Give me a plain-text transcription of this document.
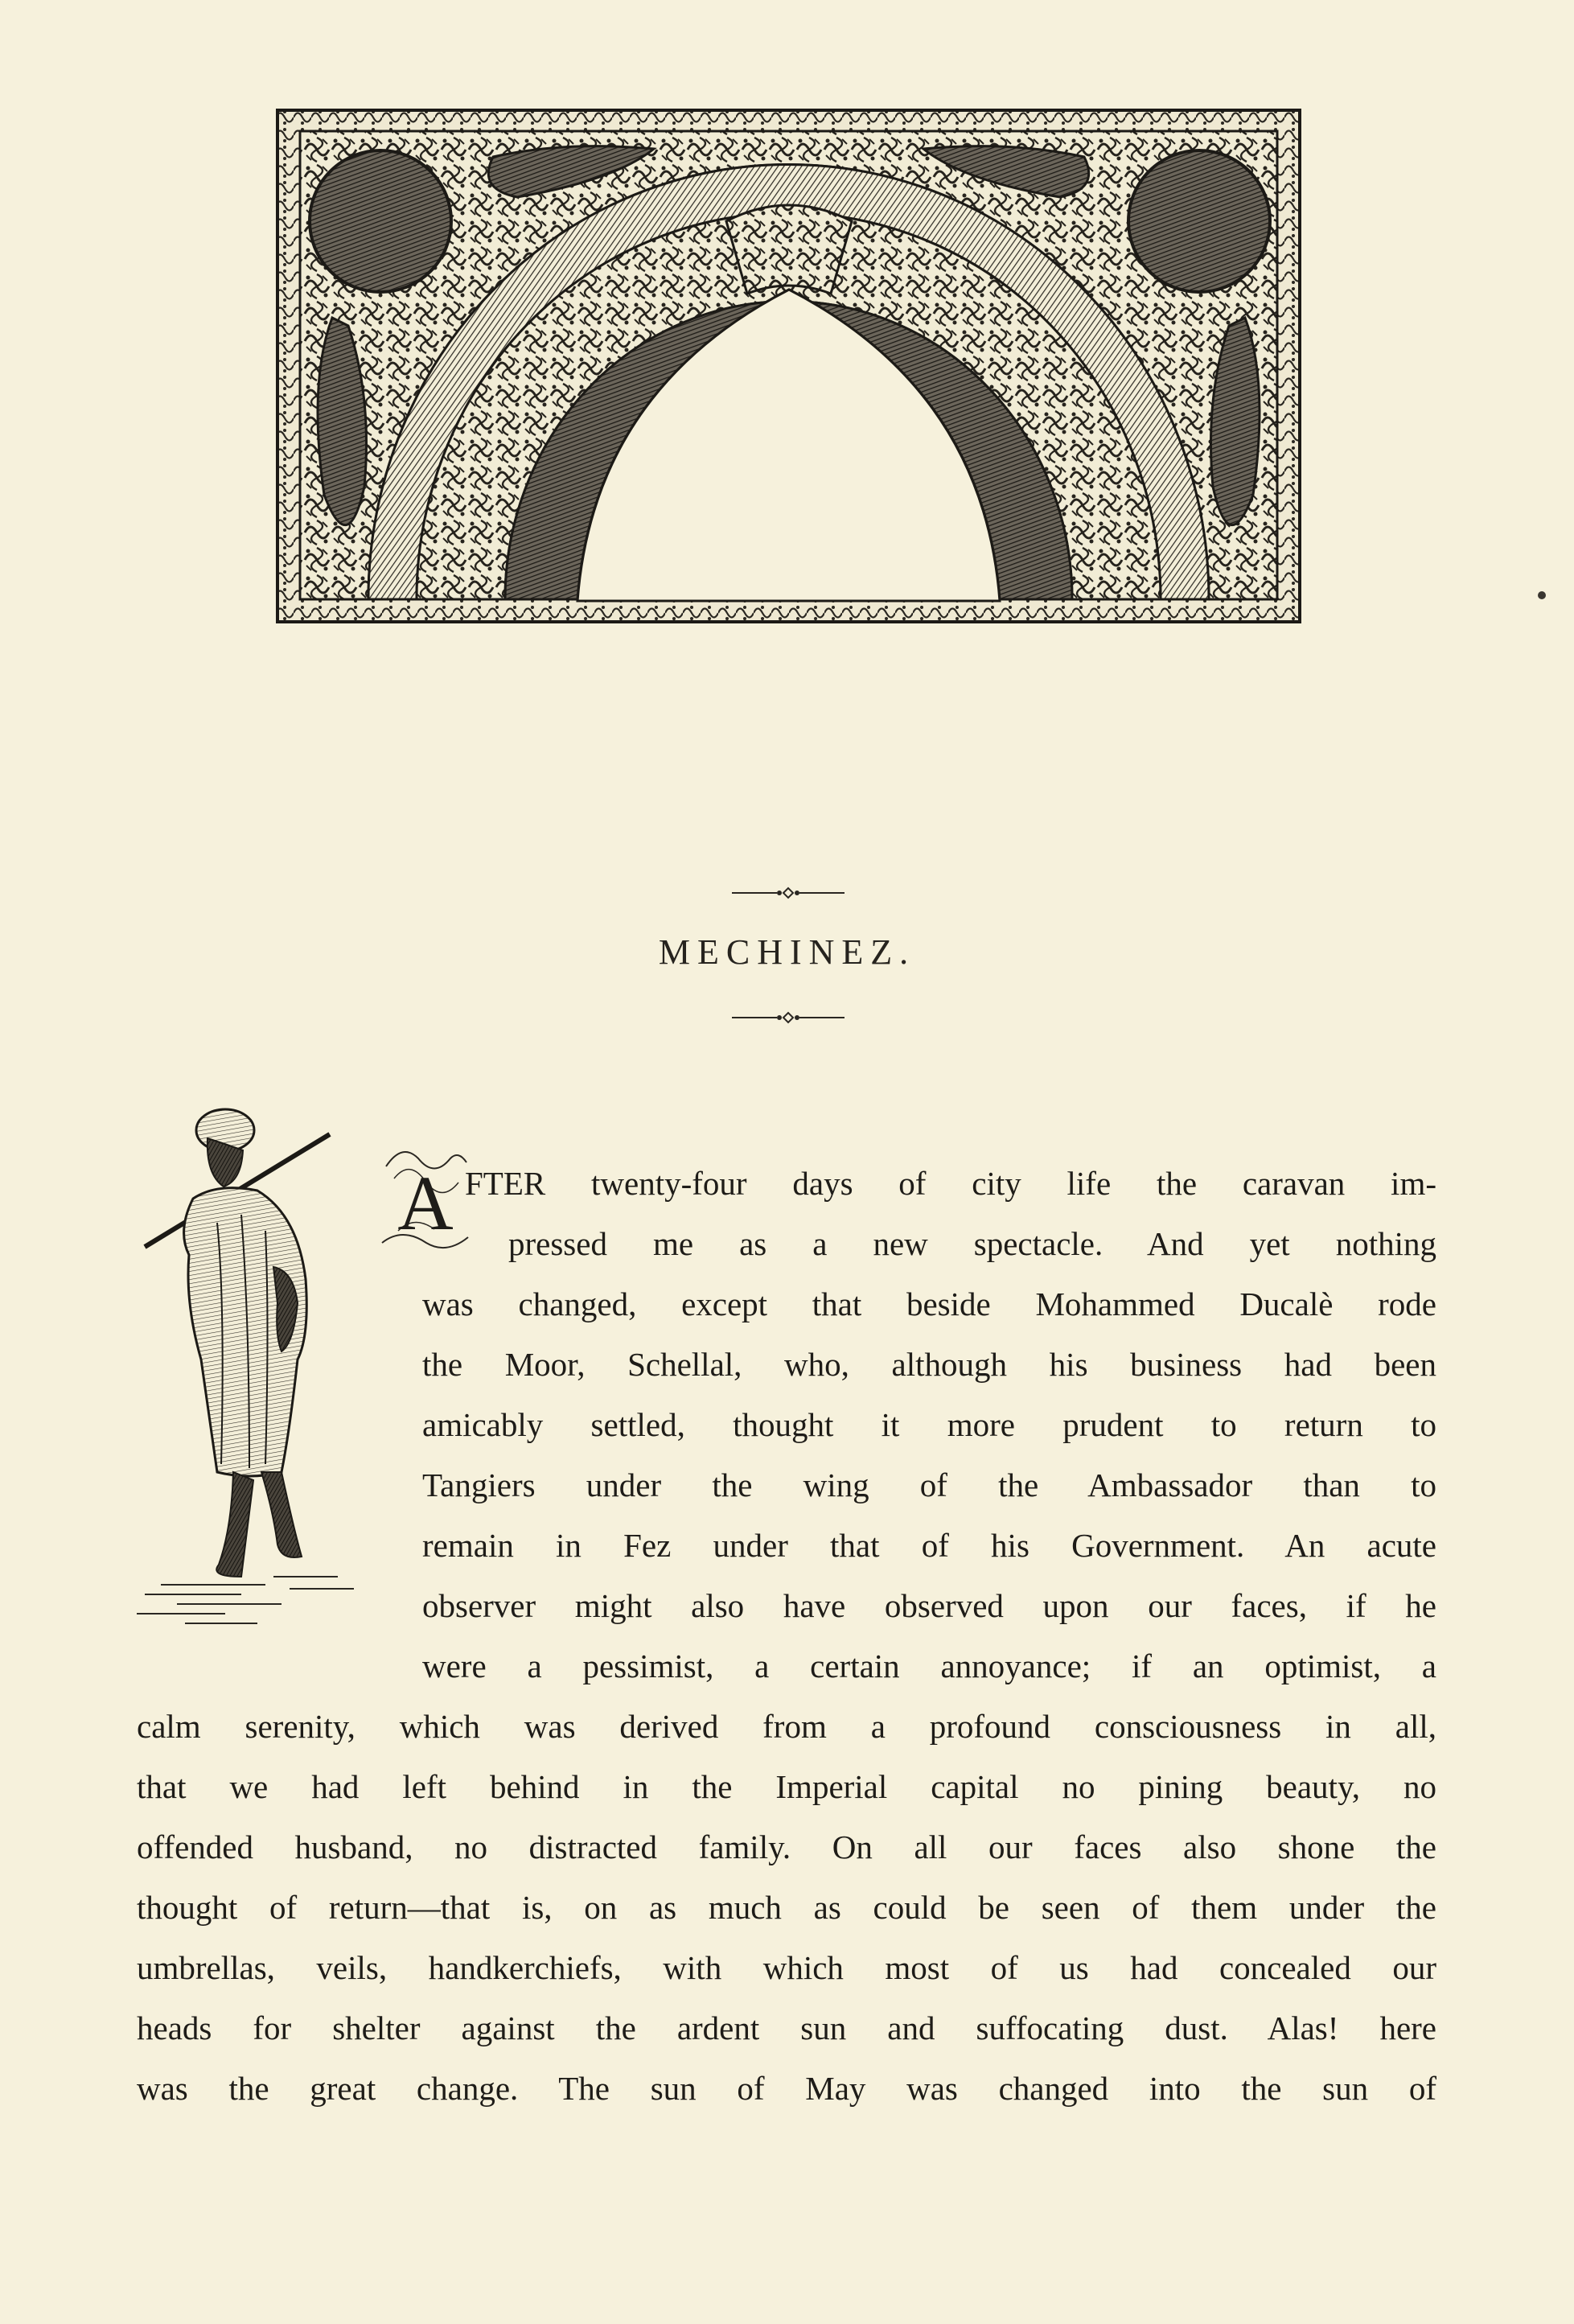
MECHINEZ.
A FTER twenty-four days of city life the caravan im-
pressed me as a new spectacle. And yet nothing
was changed, except that beside Mohammed Ducalè rode
the Moor, Schellal, who, although his business had been
amicably settled, thought it more prudent to return to
Tangiers under the wing of the Ambassador than to
remain in Fez under that of his Government. An acute
observer might also have observed upon our faces, if he
were a pessimist, a certain annoyance; if an optimist, a
calm serenity, which was derived from a profound consciousness in all,
that we had left behind in the Imperial capital no pining beauty, no
offended husband, no distracted family. On all our faces also shone the
thought of return—that is, on as much as could be seen of them under the
umbrellas, veils, handkerchiefs, with which most of us had concealed our
heads for shelter against the ardent sun and suffocating dust. Alas! here
was the great change. The sun of May was changed into the sun of
